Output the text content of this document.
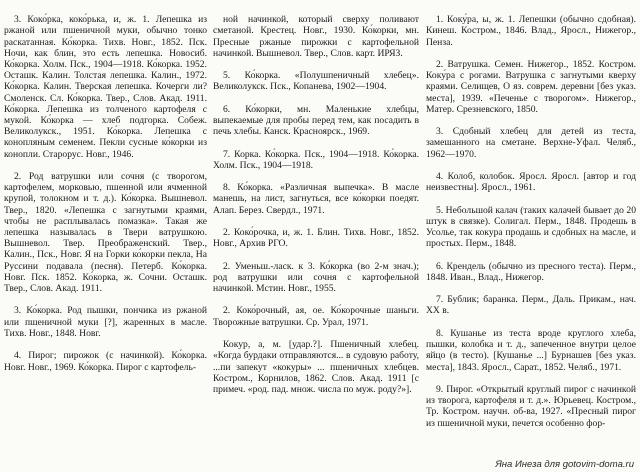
3. Коко́рка, коко́рька, и, ж. 1. Лепешка из ржаной или пшеничной муки, обычно тонко раскатанная. Ко́корка. Тихв. Новг., 1852. Пск. Ночи, как блин, это есть лепешка. Новосиб. Ко́корка. Холм. Пск., 1904—1918. Ко́корка. 1952. Осташк. Калин. Толстая лепешка. Калин., 1972. Ко́корка. Калин. Тверская лепешка. Кочерги ли? Смоленск. Сл. Ко́корка. Твер., Слов. Акад. 1911. Ко́корка. Лепешка из толченого картофеля с мукой. Ко́корка — хлеб подгорка. Собеж. Великолукск., 1951. Ко́корка. Лепешка с конопляным семенем. Пекли сусные ко́корки из конопли. Старорус. Новг., 1946.

2. Род ватрушки или сочня (с творогом, картофелем, морковью, пшенной или ячменной крупой, толокном и т. д.). Ко́корка. Вышневол. Твер., 1820. «Лепешка с загнутыми краями, чтобы не расплывалась помазка». Такая же лепешка называлась в Твери ватрушкою. Вышневол. Твер. Преображенский. Твер., Калин., Пск., Новг. Я на Горки ко́корки пекла, На Руссини подавала (песня). Петерб. Ко́корка. Новг. Пск. 1852. Ко́корка, ж. Сочни. Осташк. Твер., Слов. Акад. 1911.

3. Ко́корка. Род пышки, пончика из ржаной или пшеничной муки [?], жаренных в масле. Тихв. Новг., 1848. Новг.

4. Пирог; пирожок (с начинкой). Ко́корка. Новг. Новг., 1969. Ко́корка. Пирог с картофель-

ной начинкой, который сверху поливают сметаной. Крестец. Новг., 1930. Ко́корки, мн. Пресные ржаные пирожки с картофельной начинкой. Вышневол. Твер., Слов. карт. ИРЯЗ.

5. Ко́корка. «Полушпеничный хлебец». Великолукск. Пск., Копанева, 1902—1904.

6. Ко́корки, мн. Маленькие хлебцы, выпекаемые для пробы перед тем, как посадить в печь хлебы. Канск. Красноярск., 1969.

7. Корка. Ко́корка. Пск., 1904—1918. Ко́корка. Холм. Пск., 1904—1918.

8. Ко́корка. «Различная выпечка». В масле манешь, на лист, загнуться, все ко́корки поедят. Алап. Берез. Свердл., 1971.

2. Коко́рочка, и, ж. 1. Блин. Тихв. Новг., 1852. Новг., Архив РГО.

2. Уменьш.-ласк. к 3. Ко́корка (во 2-м знач.); род ватрушки или сочня с картофельной начинкой. Мстин. Новг., 1955.

2. Коко́рочный, ая, ое. Ко́корочные шаньги. Творожные ватрушки. Ср. Урал, 1971.

Кокур, а, м. [удар.?]. Пшеничный хлебец. «Когда бурдаки отправляются... в судовую работу, ...пи запекут «кокуры» ... пшеничных хлебцев. Костром., Корнилов, 1862. Слов. Акад. 1911 [с примеч. «род. пад. множ. числа по муж. роду?»].

1. Коку́ра, ы, ж. 1. Лепешки (обычно сдобная). Кинеш. Костром., 1846. Влад., Яросл., Нижегор., Пенза.

2. Ватрушка. Семен. Нижегор., 1852. Костром. Коку́ра с рогами. Ватрушка с загнутыми кверху краями. Селищев, О яз. соврем. деревни [без указ. места], 1939. «Печенье с творогом». Нижегор., Матер. Срезневского, 1850.

3. Сдобный хлебец для детей из теста, замешанного на сметане. Верхне-Уфал. Челяб., 1962—1970.

4. Колоб, колобок. Яросл. Яросл. [автор и год неизвестны]. Яросл., 1961.

5. Небольшой калач (таких калачей бывает до 20 штук в связке). Солигал. Перм., 1848. Продешь в Усолье, так кокура продашь и сдобных на масле, и простых. Перм., 1848.

6. Крендель (обычно из пресного теста). Перм., 1848. Иван., Влад., Нижегор.

7. Бублик; баранка. Перм., Даль. Прикам., нач. XX в.

8. Кушанье из теста вроде круглого хлеба, пышки, колобка и т. д., запеченное внутри целое яйцо (в тесто). [Кушанье ...] Бурнашев [без указ. места], 1843. Яросл., Сарат., 1852. Челяб., 1971.

9. Пирог. «Открытый круглый пирог с начинкой из творога, картофеля и т. д.». Юрьевец. Костром., Тр. Костром. научн. об-ва, 1927. «Пресный пирог из пшеничной муки, печется особенно фор-

Яна Инеза для gotovim-doma.ru
